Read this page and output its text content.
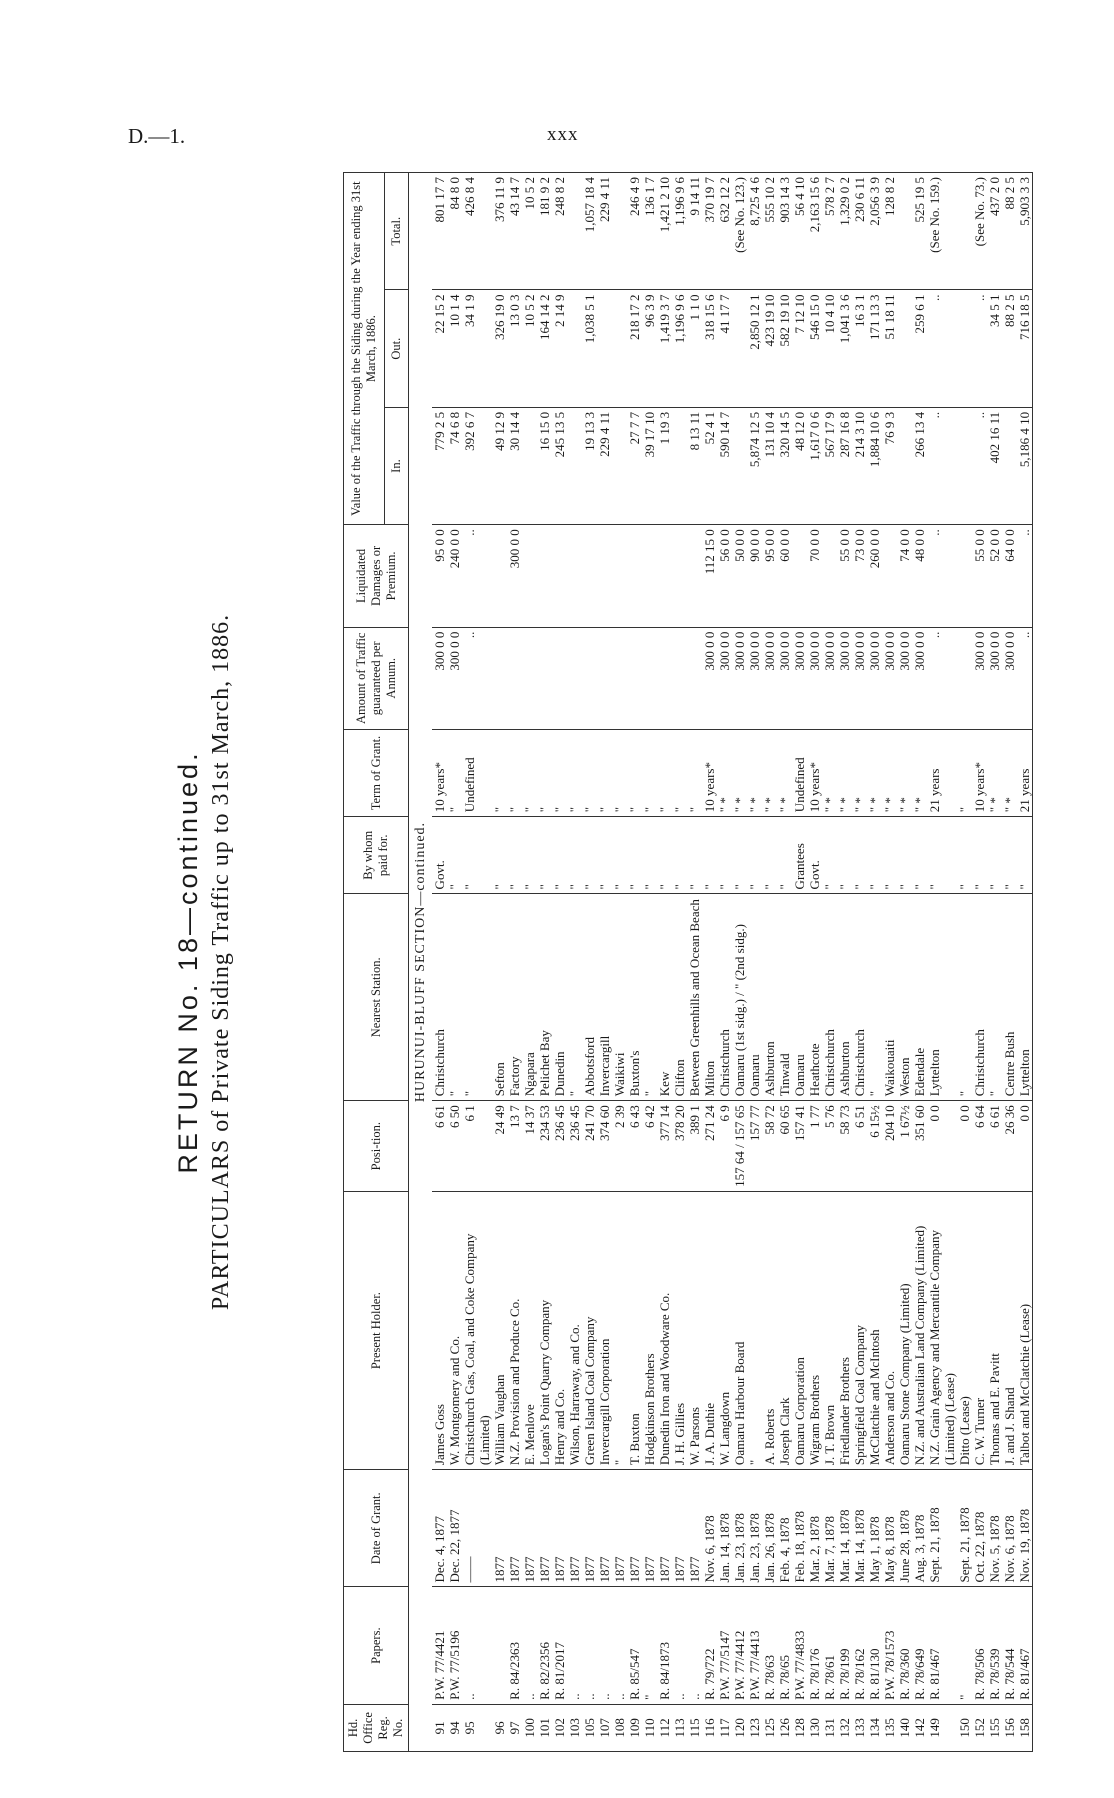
D.—1.	xxx
RETURN No. 18—continued. PARTICULARS of Private Siding Traffic up to 31st March, 1886.
Hd. Office Reg. No.	Papers.	Date of Grant.	Present Holder.	Posi-tion.	Nearest Station.	By whom paid for.	Term of Grant.	Amount of Traffic guaranteed per Annum.	Liquidated Damages or Premium.	Value of the Traffic through the Siding during the Year ending 31st March, 1886.		
										In.	Out.	Total.
HURUNUI-BLUFF SECTION—continued.												
91	P.W. 77/4421	Dec. 4, 1877	James Goss	6 61	Christchurch	Govt.	10 years*	300 0 0	95 0 0	779 2 5	22 15 2	801 17 7
94	P.W. 77/5196	Dec. 22, 1877	W. Montgomery and Co.	6 50	"	"	"	300 0 0	240 0 0	74 6 8	10 1 4	84 8 0
95	..	——	Christchurch Gas, Coal, and Coke Company (Limited)	6 1	"	"	Undefined	..	..	392 6 7	34 1 9	426 8 4
96		1877	William Vaughan	24 49	Sefton	"	"			49 12 9	326 19 0	376 11 9
97	R. 84/2363	1877	N.Z. Provision and Produce Co.	13 7	Factory	"	"		300 0 0	30 14 4	13 0 3	43 14 7
100	..	1877	E. Menlove	14 37	Ngapara	"	"				10 5 2	10 5 2
101	R. 82/2356	1877	Logan's Point Quarry Company	234 53	Pelichet Bay	"	"			16 15 0	164 14 2	181 9 2
102	R. 81/2017	1877	Henry and Co.	236 45	Dunedin	"	"			245 13 5	2 14 9	248 8 2
103	..	1877	Wilson, Harraway, and Co.	236 45	"	"	"					
105	..	1877	Green Island Coal Company	241 70	Abbotsford	"	"			19 13 3	1,038 5 1	1,057 18 4
107	..	1877	Invercargill Corporation	374 60	Invercargill	"	"			229 4 11		229 4 11
108	..	1877	"	2 39	Waikiwi	"	"					
109	R. 85/547	1877	T. Buxton	6 43	Buxton's	"	"			27 7 7	218 17 2	246 4 9
110	"	1877	Hodgkinson Brothers	6 42	"	"	"			39 17 10	96 3 9	136 1 7
112	R. 84/1873	1877	Dunedin Iron and Woodware Co.	377 14	Kew	"	"			1 19 3	1,419 3 7	1,421 2 10
113	..	1877	J. H. Gillies	378 20	Clifton	"	"				1,196 9 6	1,196 9 6
115	..	1877	W. Parsons	389 1	Between Greenhills and Ocean Beach	"	"			8 13 11	1 1 0	9 14 11
116	R. 79/722	Nov. 6, 1878	J. A. Duthie	271 24	Milton	"	10 years*	300 0 0	112 15 0	52 4 1	318 15 6	370 19 7
117	P.W. 77/5147	Jan. 14, 1878	W. Langdown	6 9	Christchurch	"	" *	300 0 0	56 0 0	590 14 7	41 17 7	632 12 2
120	P.W. 77/4412	Jan. 23, 1878	Oamaru Harbour Board	157 64 / 157 65	Oamaru (1st sidg.) / " (2nd sidg.)	"	" *	300 0 0	50 0 0			(See No. 123.)
123	P.W. 77/4413	Jan. 23, 1878	"	157 77	Oamaru	"	" *	300 0 0	90 0 0	5,874 12 5	2,850 12 1	8,725 4 6
125	R. 78/63	Jan. 26, 1878	A. Roberts	58 72	Ashburton	"	" *	300 0 0	95 0 0	131 10 4	423 19 10	555 10 2
126	R. 78/65	Feb. 4, 1878	Joseph Clark	60 65	Tinwald	"	" *	300 0 0	60 0 0	320 14 5	582 19 10	903 14 3
128	P.W. 77/4833	Feb. 18, 1878	Oamaru Corporation	157 41	Oamaru	Grantees	Undefined	300 0 0		48 12 0	7 12 10	56 4 10
130	R. 78/176	Mar. 2, 1878	Wigram Brothers	1 77	Heathcote	Govt.	10 years*	300 0 0	70 0 0	1,617 0 6	546 15 0	2,163 15 6
131	R. 78/61	Mar. 7, 1878	J. T. Brown	5 76	Christchurch	"	" *	300 0 0		567 17 9	10 4 10	578 2 7
132	R. 78/199	Mar. 14, 1878	Friedlander Brothers	58 73	Ashburton	"	" *	300 0 0	55 0 0	287 16 8	1,041 3 6	1,329 0 2
133	R. 78/162	Mar. 14, 1878	Springfield Coal Company	6 51	Christchurch	"	" *	300 0 0	73 0 0	214 3 10	16 3 1	230 6 11
134	R. 81/130	May 1, 1878	McClatchie and McIntosh	6 15½	"	"	" *	300 0 0	260 0 0	1,884 10 6	171 13 3	2,056 3 9
135	P.W. 78/1573	May 8, 1878	Anderson and Co.	204 10	Waikouaiti	"	" *	300 0 0		76 9 3	51 18 11	128 8 2
140	R. 78/360	June 28, 1878	Oamaru Stone Company (Limited)	1 67½	Weston	"	" *	300 0 0	74 0 0			
142	R. 78/649	Aug. 3, 1878	N.Z. and Australian Land Company (Limited)	351 60	Edendale	"	" *	300 0 0	48 0 0	266 13 4	259 6 1	525 19 5
149	R. 81/467	Sept. 21, 1878	N.Z. Grain Agency and Mercantile Company (Limited) (Lease)	0 0	Lyttelton	"	21 years	..	..	..	..	(See No. 159.)
150	"	Sept. 21, 1878	Ditto (Lease)	0 0	"	"	"					
152	R. 78/506	Oct. 22, 1878	C. W. Turner	6 64	Christchurch	"	10 years*	300 0 0	55 0 0	..	..	(See No. 73.)
155	R. 78/539	Nov. 5, 1878	Thomas and E. Pavitt	6 61	"	"	" *	300 0 0	52 0 0	402 16 11	34 5 1	437 2 0
156	R. 78/544	Nov. 6, 1878	J. and J. Shand	26 36	Centre Bush	"	" *	300 0 0	64 0 0		88 2 5	88 2 5
158	R. 81/467	Nov. 19, 1878	Talbot and McClatchie (Lease)	0 0	Lyttelton	"	21 years	..	..	5,186 4 10	716 18 5	5,903 3 3
